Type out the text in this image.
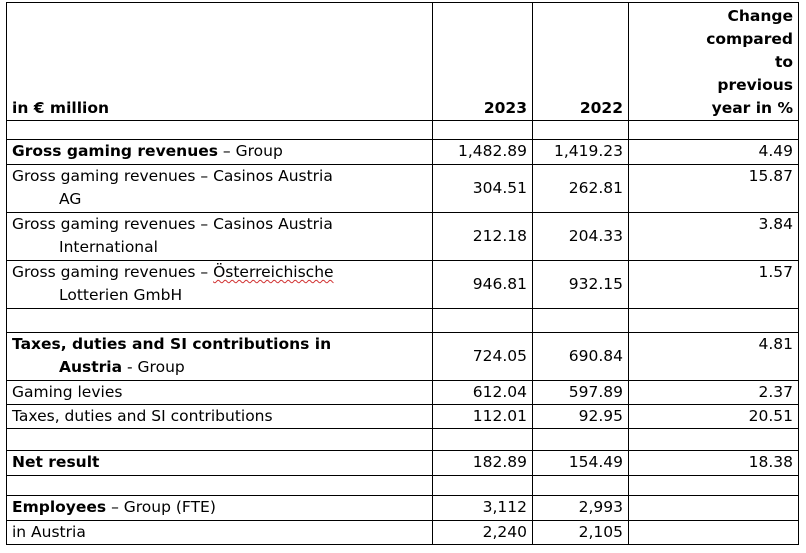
in € million	2023	2022	Change
compared
to
previous
year in %

Gross gaming revenues – Group	1,482.89	1,419.23	4.49
Gross gaming revenues – Casinos Austria
AG	304.51	262.81	15.87
Gross gaming revenues – Casinos Austria
International	212.18	204.33	3.84
Gross gaming revenues – Österreichische
Lotterien GmbH	946.81	932.15	1.57

Taxes, duties and SI contributions in
Austria - Group	724.05	690.84	4.81
Gaming levies	612.04	597.89	2.37
Taxes, duties and SI contributions	112.01	92.95	20.51

Net result	182.89	154.49	18.38

Employees – Group (FTE)	3,112	2,993	
in Austria	2,240	2,105	
